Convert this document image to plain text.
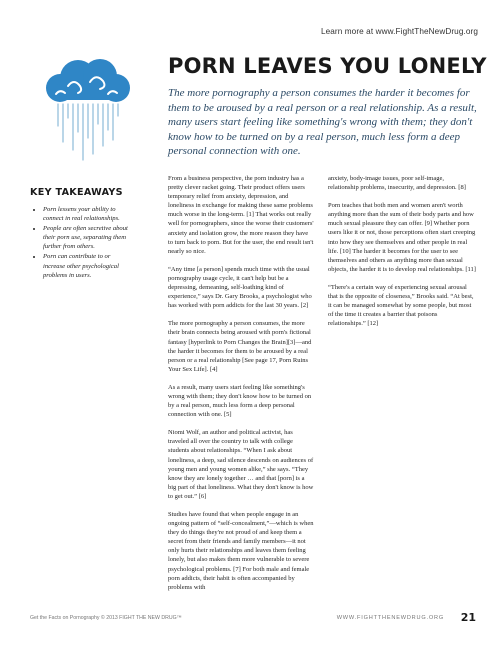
Learn more at www.FightTheNewDrug.org
PORN LEAVES YOU LONELY

The more pornography a person consumes the harder it becomes for them to be aroused by a real person or a real relationship. As a result, many users start feeling like something's wrong with them; they don't know how to be turned on by a real person, much less form a deep personal connection with one.

KEY TAKEAWAYS
• Porn lessens your ability to connect in real relationships.
• People are often secretive about their porn use, separating them further from others.
• Porn can contribute to or increase other psychological problems in users.

From a business perspective, the porn industry has a pretty clever racket going. Their product offers users temporary relief from anxiety, depression, and loneliness in exchange for making these same problems much worse in the long-term. [1] That works out really well for pornographers, since the worse their customers' anxiety and isolation grow, the more reason they have to turn back to porn. But for the user, the end result isn't nearly so nice.

“Any time [a person] spends much time with the usual pornography usage cycle, it can't help but be a depressing, demeaning, self-loathing kind of experience,” says Dr. Gary Brooks, a psychologist who has worked with porn addicts for the last 30 years. [2]

The more pornography a person consumes, the more their brain connects being aroused with porn's fictional fantasy [hyperlink to Porn Changes the Brain][3]—and the harder it becomes for them to be aroused by a real person or a real relationship [See page 17, Porn Ruins Your Sex Life]. [4]

As a result, many users start feeling like something's wrong with them; they don't know how to be turned on by a real person, much less form a deep personal connection with one. [5]

Niomi Wolf, an author and political activist, has traveled all over the country to talk with college students about relationships. “When I ask about loneliness, a deep, sad silence descends on audiences of young men and young women alike,” she says. “They know they are lonely together … and that [porn] is a big part of that loneliness. What they don't know is how to get out.” [6]

Studies have found that when people engage in an ongoing pattern of “self-concealment,”—which is when they do things they're not proud of and keep them a secret from their friends and family members—it not only hurts their relationships and leaves them feeling lonely, but also makes them more vulnerable to severe psychological problems. [7] For both male and female porn addicts, their habit is often accompanied by problems with

anxiety, body-image issues, poor self-image, relationship problems, insecurity, and depression. [8]

Porn teaches that both men and women aren't worth anything more than the sum of their body parts and how much sexual pleasure they can offer. [9] Whether porn users like it or not, those perceptions often start creeping into how they see themselves and other people in real life. [10] The harder it becomes for the user to see themselves and others as anything more than sexual objects, the harder it is to develop real relationships. [11]

“There's a certain way of experiencing sexual arousal that is the opposite of closeness,” Brooks said. “At best, it can be managed somewhat by some people, but most of the time it creates a barrier that poisons relationships.” [12]

Get the Facts on Pornography © 2013 FIGHT THE NEW DRUG™	WWW.FIGHTTHENEWDRUG.ORG 21
